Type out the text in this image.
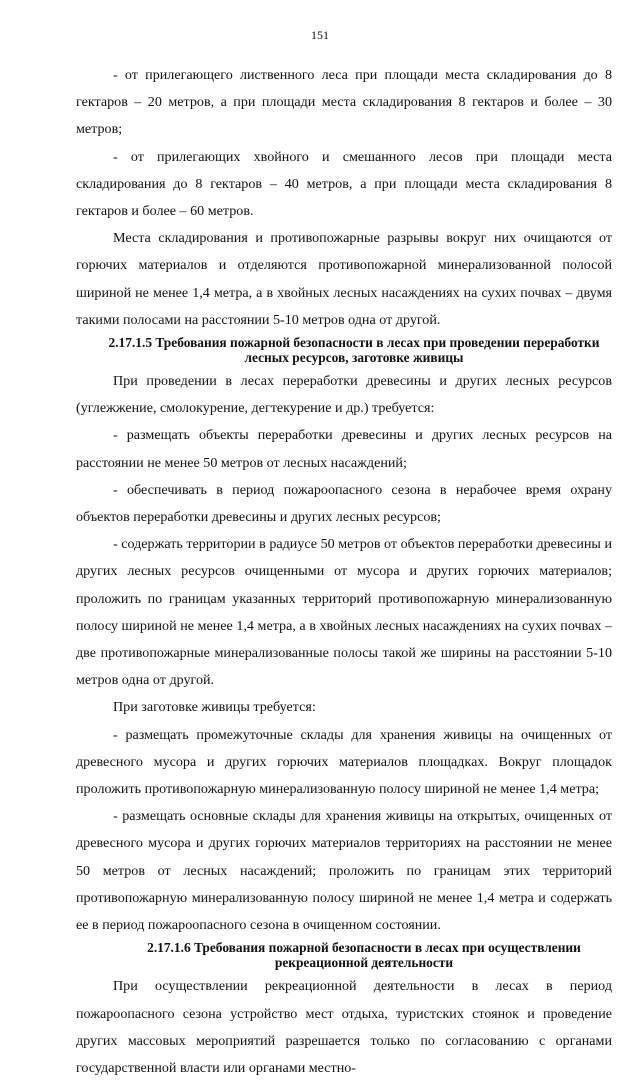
151

- от прилегающего лиственного леса при площади места складирования до 8 гектаров – 20 метров, а при площади места складирования 8 гектаров и более – 30 метров;

- от прилегающих хвойного и смешанного лесов при площади места складирования до 8 гектаров – 40 метров, а при площади места складирования 8 гектаров и более – 60 метров.

Места складирования и противопожарные разрывы вокруг них очищаются от горючих материалов и отделяются противопожарной минерализованной полосой шириной не менее 1,4 метра, а в хвойных лесных насаждениях на сухих почвах – двумя такими полосами на расстоянии 5-10 метров одна от другой.

2.17.1.5 Требования пожарной безопасности в лесах при проведении переработки
лесных ресурсов, заготовке живицы

При проведении в лесах переработки древесины и других лесных ресурсов (углежжение, смолокурение, дегтекурение и др.) требуется:

- размещать объекты переработки древесины и других лесных ресурсов на расстоянии не менее 50 метров от лесных насаждений;

- обеспечивать в период пожароопасного сезона в нерабочее время охрану объектов переработки древесины и других лесных ресурсов;

- содержать территории в радиусе 50 метров от объектов переработки древесины и других лесных ресурсов очищенными от мусора и других горючих материалов; проложить по границам указанных территорий противопожарную минерализованную полосу шириной не менее 1,4 метра, а в хвойных лесных насаждениях на сухих почвах – две противопожарные минерализованные полосы такой же ширины на расстоянии 5-10 метров одна от другой.

При заготовке живицы требуется:

- размещать промежуточные склады для хранения живицы на очищенных от древесного мусора и других горючих материалов площадках. Вокруг площадок проложить противопожарную минерализованную полосу шириной не менее 1,4 метра;

- размещать основные склады для хранения живицы на открытых, очищенных от древесного мусора и других горючих материалов территориях на расстоянии не менее 50 метров от лесных насаждений; проложить по границам этих территорий противопожарную минерализованную полосу шириной не менее 1,4 метра и содержать ее в период пожароопасного сезона в очищенном состоянии.

2.17.1.6 Требования пожарной безопасности в лесах при осуществлении
рекреационной деятельности

При осуществлении рекреационной деятельности в лесах в период пожароопасного сезона устройство мест отдыха, туристских стоянок и проведение других массовых мероприятий разрешается только по согласованию с органами государственной власти или органами местно-
